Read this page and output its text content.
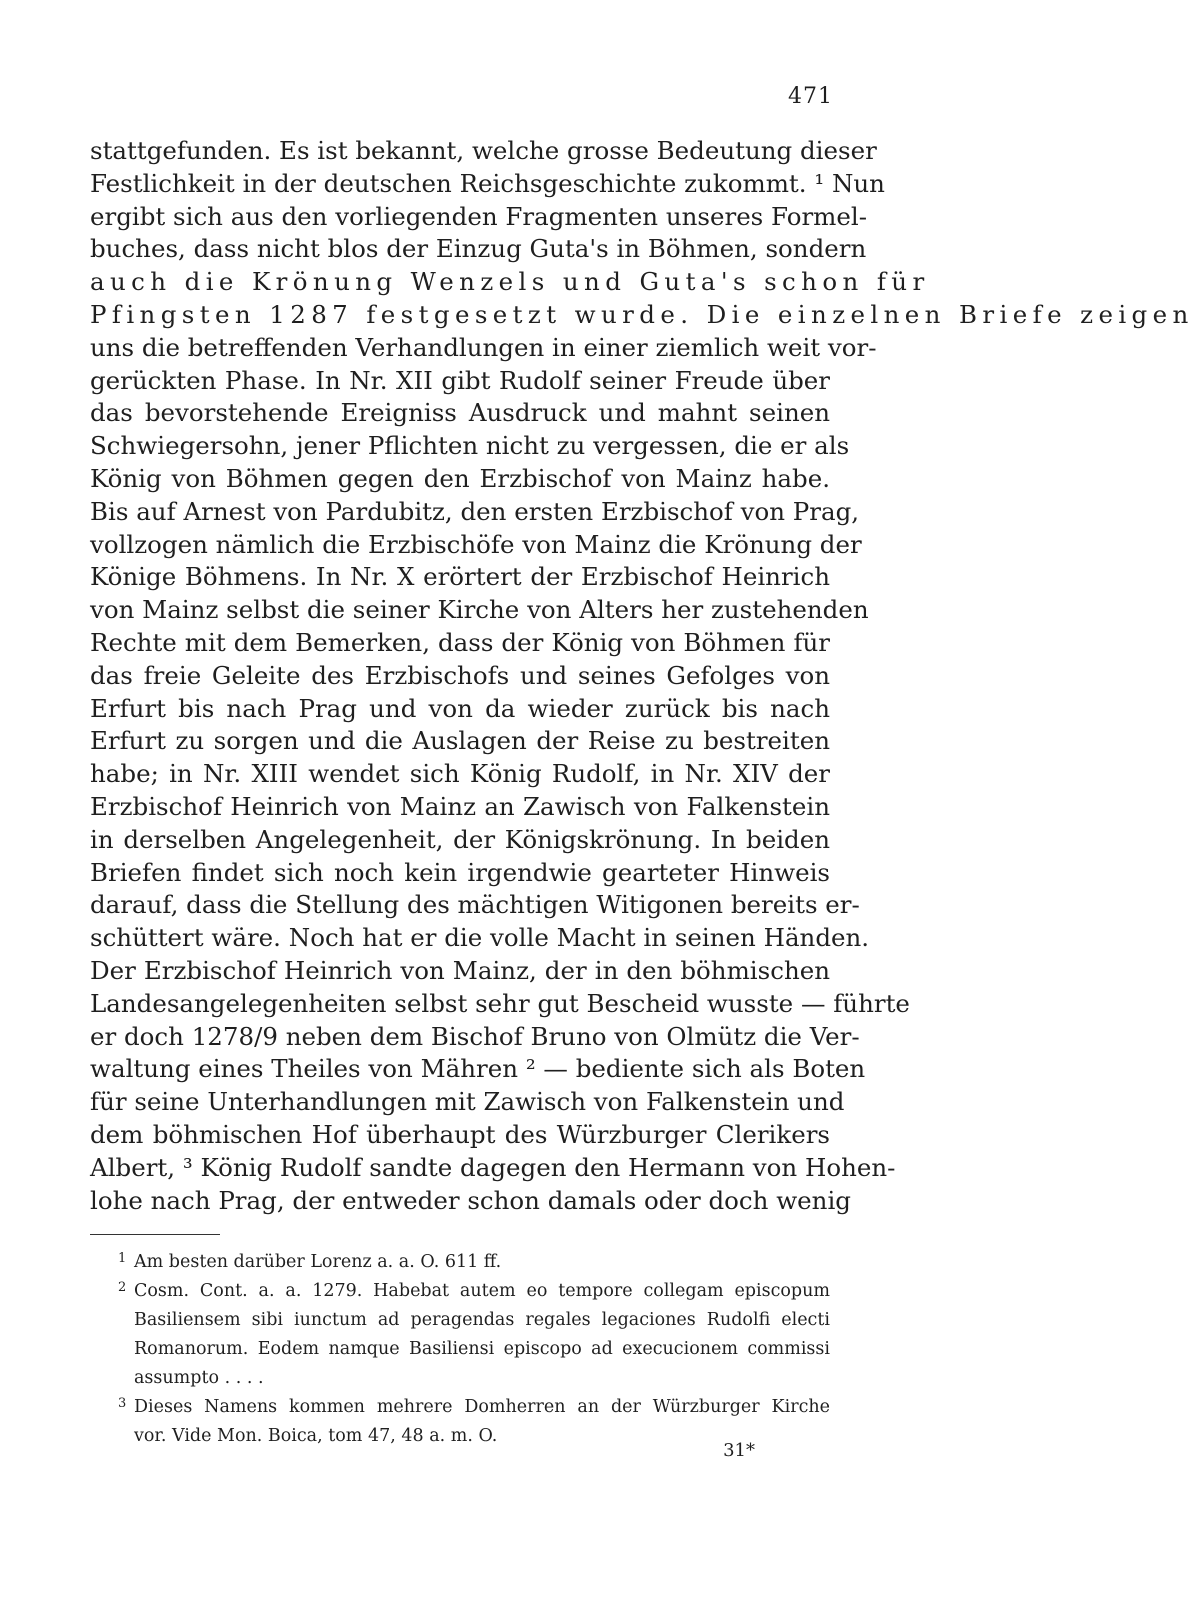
471
stattgefunden. Es ist bekannt, welche grosse Bedeutung dieser
Festlichkeit in der deutschen Reichsgeschichte zukommt. ¹ Nun
ergibt sich aus den vorliegenden Fragmenten unseres Formel-
buches, dass nicht blos der Einzug Guta's in Böhmen, sondern
auch die Krönung Wenzels und Guta's schon für
Pfingsten 1287 festgesetzt wurde. Die einzelnen Briefe zeigen
uns die betreffenden Verhandlungen in einer ziemlich weit vor-
gerückten Phase. In Nr. XII gibt Rudolf seiner Freude über
das bevorstehende Ereigniss Ausdruck und mahnt seinen
Schwiegersohn, jener Pflichten nicht zu vergessen, die er als
König von Böhmen gegen den Erzbischof von Mainz habe.
Bis auf Arnest von Pardubitz, den ersten Erzbischof von Prag,
vollzogen nämlich die Erzbischöfe von Mainz die Krönung der
Könige Böhmens. In Nr. X erörtert der Erzbischof Heinrich
von Mainz selbst die seiner Kirche von Alters her zustehenden
Rechte mit dem Bemerken, dass der König von Böhmen für
das freie Geleite des Erzbischofs und seines Gefolges von
Erfurt bis nach Prag und von da wieder zurück bis nach
Erfurt zu sorgen und die Auslagen der Reise zu bestreiten
habe; in Nr. XIII wendet sich König Rudolf, in Nr. XIV der
Erzbischof Heinrich von Mainz an Zawisch von Falkenstein
in derselben Angelegenheit, der Königskrönung. In beiden
Briefen findet sich noch kein irgendwie gearteter Hinweis
darauf, dass die Stellung des mächtigen Witigonen bereits er-
schüttert wäre. Noch hat er die volle Macht in seinen Händen.
Der Erzbischof Heinrich von Mainz, der in den böhmischen
Landesangelegenheiten selbst sehr gut Bescheid wusste — führte
er doch 1278/9 neben dem Bischof Bruno von Olmütz die Ver-
waltung eines Theiles von Mähren ² — bediente sich als Boten
für seine Unterhandlungen mit Zawisch von Falkenstein und
dem böhmischen Hof überhaupt des Würzburger Clerikers
Albert, ³ König Rudolf sandte dagegen den Hermann von Hohen-
lohe nach Prag, der entweder schon damals oder doch wenig
1 Am besten darüber Lorenz a. a. O. 611 ff.
2 Cosm. Cont. a. a. 1279. Habebat autem eo tempore collegam episcopum
Basiliensem sibi iunctum ad peragendas regales legaciones Rudolfi electi
Romanorum. Eodem namque Basiliensi episcopo ad execucionem commissi
assumpto . . . .
3 Dieses Namens kommen mehrere Domherren an der Würzburger Kirche
vor. Vide Mon. Boica, tom 47, 48 a. m. O.
31*
